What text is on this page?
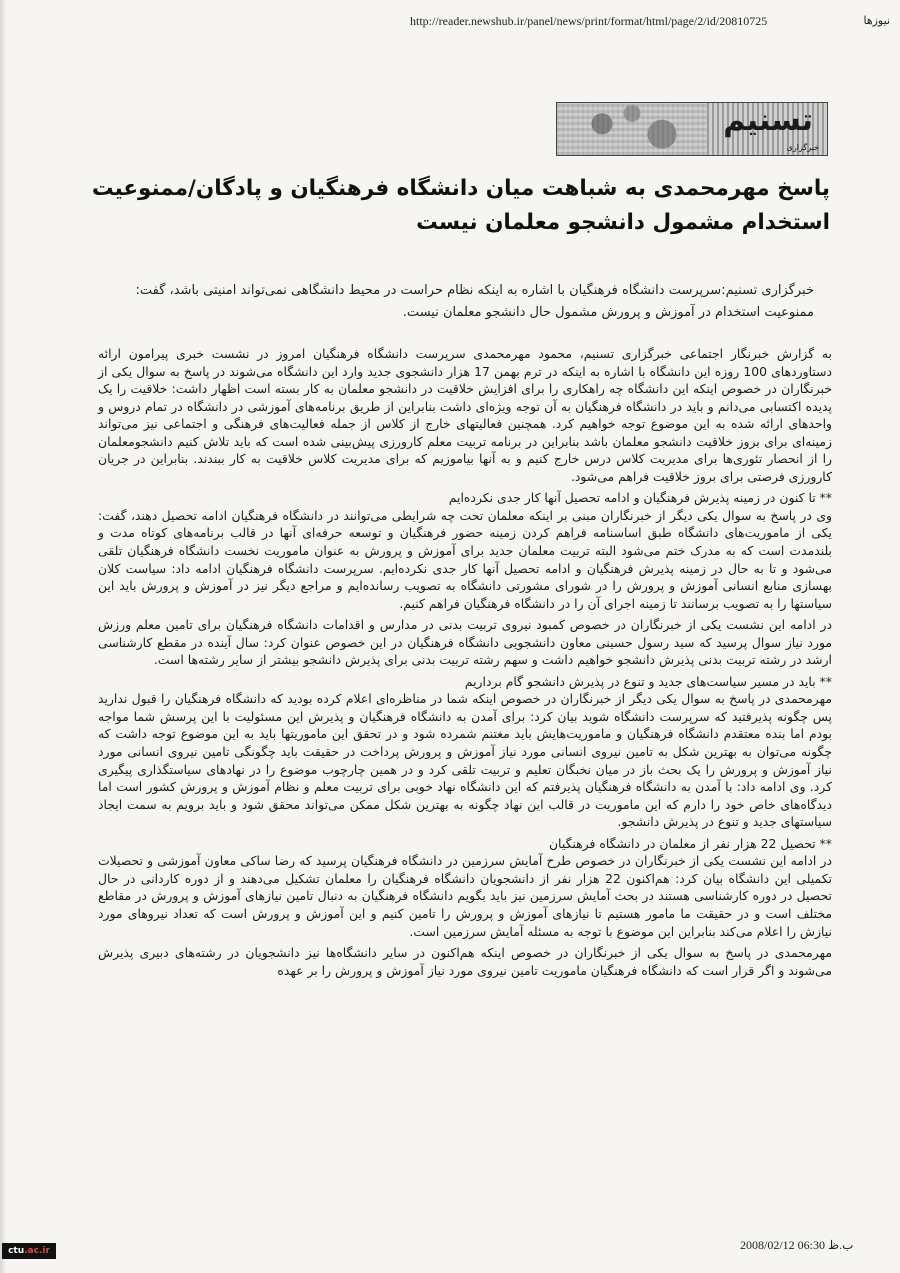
http://reader.newshub.ir/panel/news/print/format/html/page/2/id/20810725	نیوزها
تسنیم
خبرگزاری
پاسخ مهرمحمدی به شباهت میان دانشگاه فرهنگیان و پادگان/ممنوعیت استخدام مشمول دانشجو معلمان نیست
خبرگزاری تسنیم:سرپرست دانشگاه فرهنگیان با اشاره به اینکه نظام حراست در محیط دانشگاهی نمی‌تواند امنیتی باشد، گفت: ممنوعیت استخدام در آموزش و پرورش مشمول حال دانشجو معلمان نیست.

به گزارش خبرنگار اجتماعی خبرگزاری تسنیم، محمود مهرمحمدی سرپرست دانشگاه فرهنگیان امروز در نشست خبری پیرامون ارائه دستاوردهای 100 روزه این دانشگاه با اشاره به اینکه در ترم بهمن 17 هزار دانشجوی جدید وارد این دانشگاه می‌شوند در پاسخ به سوال یکی از خبرنگاران در خصوص اینکه این دانشگاه چه راهکاری را برای افزایش خلاقیت در دانشجو معلمان به کار بسته است اظهار داشت: خلاقیت را یک پدیده اکتسابی می‌دانم و باید در دانشگاه فرهنگیان به آن توجه ویژه‌ای داشت بنابراین از طریق برنامه‌های آموزشی در دانشگاه در تمام دروس و واحدهای ارائه شده به این موضوع توجه خواهیم کرد. همچنین فعالیتهای خارج از کلاس از جمله فعالیت‌های فرهنگی و اجتماعی نیز می‌تواند زمینه‌ای برای بروز خلاقیت دانشجو معلمان باشد بنابراین در برنامه تربیت معلم کارورزی پیش‌بینی شده است که باید تلاش کنیم دانشجومعلمان را از انحصار تئوری‌ها برای مدیریت کلاس درس خارج کنیم و به آنها بیاموزیم که برای مدیریت کلاس خلاقیت به کار ببندند. بنابراین در جریان کارورزی فرصتی برای بروز خلاقیت فراهم می‌شود.

** تا کنون در زمینه پذیرش فرهنگیان و ادامه تحصیل آنها کار جدی نکرده‌ایم

وی در پاسخ به سوال یکی دیگر از خبرنگاران مبنی بر اینکه معلمان تحت چه شرایطی می‌توانند در دانشگاه فرهنگیان ادامه تحصیل دهند، گفت: یکی از ماموریت‌های دانشگاه طبق اساسنامه فراهم کردن زمینه حضور فرهنگیان و توسعه حرفه‌ای آنها در قالب برنامه‌های کوتاه مدت و بلندمدت است که به مدرک ختم می‌شود البته تربیت معلمان جدید برای آموزش و پرورش به عنوان ماموریت نخست دانشگاه فرهنگیان تلقی می‌شود و تا به حال در زمینه پذیرش فرهنگیان و ادامه تحصیل آنها کار جدی نکرده‌ایم. سرپرست دانشگاه فرهنگیان ادامه داد: سیاست کلان بهسازی منابع انسانی آموزش و پرورش را در شورای مشورتی دانشگاه به تصویب رسانده‌ایم و مراجع دیگر نیز در آموزش و پرورش باید این سیاستها را به تصویب برسانند تا زمینه اجرای آن را در دانشگاه فرهنگیان فراهم کنیم.

در ادامه این نشست یکی از خبرنگاران در خصوص کمبود نیروی تربیت بدنی در مدارس و اقدامات دانشگاه فرهنگیان برای تامین معلم ورزش مورد نیاز سوال پرسید که سید رسول حسینی معاون دانشجویی دانشگاه فرهنگیان در این خصوص عنوان کرد: سال آینده در مقطع کارشناسی ارشد در رشته تربیت بدنی پذیرش دانشجو خواهیم داشت و سهم رشته تربیت بدنی برای پذیرش دانشجو بیشتر از سایر رشته‌ها است.

** باید در مسیر سیاست‌های جدید و تنوع در پذیرش دانشجو گام برداریم

مهرمحمدی در پاسخ به سوال یکی دیگر از خبرنگاران در خصوص اینکه شما در مناظره‌ای اعلام کرده بودید که دانشگاه فرهنگیان را قبول ندارید پس چگونه پذیرفتید که سرپرست دانشگاه شوید بیان کرد: برای آمدن به دانشگاه فرهنگیان و پذیرش این مسئولیت با این پرسش شما مواجه بودم اما بنده معتقدم دانشگاه فرهنگیان و ماموریت‌هایش باید مغتنم شمرده شود و در تحقق این ماموریتها باید به این موضوع توجه داشت که چگونه می‌توان به بهترین شکل به تامین نیروی انسانی مورد نیاز آموزش و پرورش پرداخت در حقیقت باید چگونگی تامین نیروی انسانی مورد نیاز آموزش و پرورش را یک بحث باز در میان نخبگان تعلیم و تربیت تلقی کرد و در همین چارچوب موضوع را در نهادهای سیاستگذاری پیگیری کرد. وی ادامه داد: با آمدن به دانشگاه فرهنگیان پذیرفتم که این دانشگاه نهاد خوبی برای تربیت معلم و نظام آموزش و پرورش کشور است اما دیدگاه‌های خاص خود را دارم که این ماموریت در قالب این نهاد چگونه به بهترین شکل ممکن می‌تواند محقق شود و باید برویم به سمت ایجاد سیاستهای جدید و تنوع در پذیرش دانشجو.

** تحصیل 22 هزار نفر از معلمان در دانشگاه فرهنگیان

در ادامه این نشست یکی از خبرنگاران در خصوص طرح آمایش سرزمین در دانشگاه فرهنگیان پرسید که رضا ساکی معاون آموزشی و تحصیلات تکمیلی این دانشگاه بیان کرد: هم‌اکنون 22 هزار نفر از دانشجویان دانشگاه فرهنگیان را معلمان تشکیل می‌دهند و از دوره کاردانی در حال تحصیل در دوره کارشناسی هستند در بحث آمایش سرزمین نیز باید بگویم دانشگاه فرهنگیان به دنبال تامین نیازهای آموزش و پرورش در مقاطع مختلف است و در حقیقت ما مامور هستیم تا نیازهای آموزش و پرورش را تامین کنیم و این آموزش و پرورش است که تعداد نیروهای مورد نیازش را اعلام می‌کند بنابراین این موضوع با توجه به مسئله آمایش سرزمین است.

مهرمحمدی در پاسخ به سوال یکی از خبرنگاران در خصوص اینکه هم‌اکنون در سایر دانشگاه‌ها نیز دانشجویان در رشته‌های دبیری پذیرش می‌شوند و اگر قرار است که دانشگاه فرهنگیان ماموریت تامین نیروی مورد نیاز آموزش و پرورش را بر عهده

2008/02/12 06:30 ب.ظ
ctu.ac.ir
